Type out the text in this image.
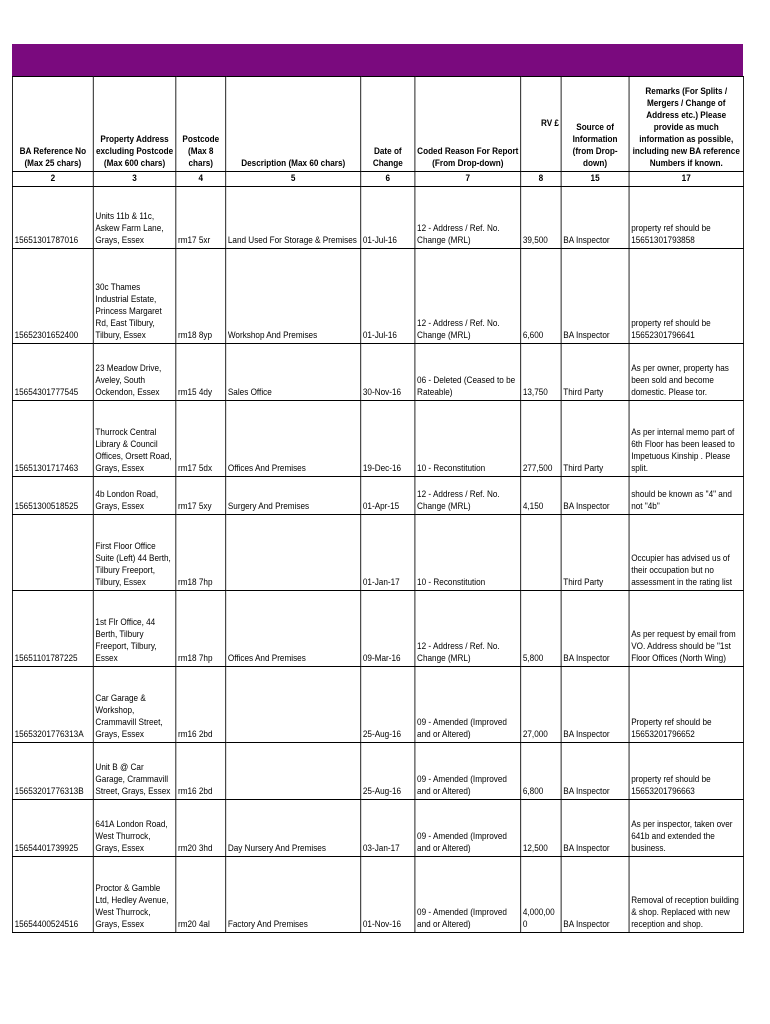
BA Reference No (Max 25 chars)	Property Address excluding Postcode (Max 600 chars)	Postcode (Max 8 chars)	Description (Max 60 chars)	Date of Change	Coded Reason For Report (From Drop-down)	RV £	Source of Information (from Drop-down)	Remarks (For Splits / Mergers / Change of Address etc.) Please provide as much information as possible, including new BA reference Numbers if known.
2	3	4	5	6	7	8	15	17
15651301787016	Units 11b & 11c, Askew Farm Lane, Grays, Essex	rm17 5xr	Land Used For Storage & Premises	01-Jul-16	12 - Address / Ref. No. Change (MRL)	39,500	BA Inspector	property ref should be 15651301793858
15652301652400	30c Thames Industrial Estate, Princess Margaret Rd, East Tilbury, Tilbury, Essex	rm18 8yp	Workshop And Premises	01-Jul-16	12 - Address / Ref. No. Change (MRL)	6,600	BA Inspector	property ref should be 15652301796641
15654301777545	23 Meadow Drive, Aveley, South Ockendon, Essex	rm15 4dy	Sales Office	30-Nov-16	06 - Deleted (Ceased to be Rateable)	13,750	Third Party	As per owner, property has been sold and become domestic. Please tor.
15651301717463	Thurrock Central Library & Council Offices, Orsett Road, Grays, Essex	rm17 5dx	Offices And Premises	19-Dec-16	10 - Reconstitution	277,500	Third Party	As per internal memo part of 6th Floor has been leased to Impetuous Kinship . Please split.
15651300518525	4b London Road, Grays, Essex	rm17 5xy	Surgery And Premises	01-Apr-15	12 - Address / Ref. No. Change (MRL)	4,150	BA Inspector	should be known as "4" and not "4b"
	First Floor Office Suite (Left) 44 Berth, Tilbury Freeport, Tilbury, Essex	rm18 7hp		01-Jan-17	10 - Reconstitution		Third Party	Occupier has advised us of their occupation but no assessment in the rating list
15651101787225	1st Flr Office, 44 Berth, Tilbury Freeport, Tilbury, Essex	rm18 7hp	Offices And Premises	09-Mar-16	12 - Address / Ref. No. Change (MRL)	5,800	BA Inspector	As per request by email from VO. Address should be "1st Floor Offices (North Wing)
15653201776313A	Car Garage & Workshop, Crammavill Street, Grays, Essex	rm16 2bd		25-Aug-16	09 - Amended (Improved and or Altered)	27,000	BA Inspector	Property ref should be 15653201796652
15653201776313B	Unit B @ Car Garage, Crammavill Street, Grays, Essex	rm16 2bd		25-Aug-16	09 - Amended (Improved and or Altered)	6,800	BA Inspector	property ref should be 15653201796663
15654401739925	641A London Road, West Thurrock, Grays, Essex	rm20 3hd	Day Nursery And Premises	03-Jan-17	09 - Amended (Improved and or Altered)	12,500	BA Inspector	As per inspector, taken over 641b and extended the business.
15654400524516	Proctor & Gamble Ltd, Hedley Avenue, West Thurrock, Grays, Essex	rm20 4al	Factory And Premises	01-Nov-16	09 - Amended (Improved and or Altered)	4,000,000	BA Inspector	Removal of reception building & shop. Replaced with new reception and shop.
